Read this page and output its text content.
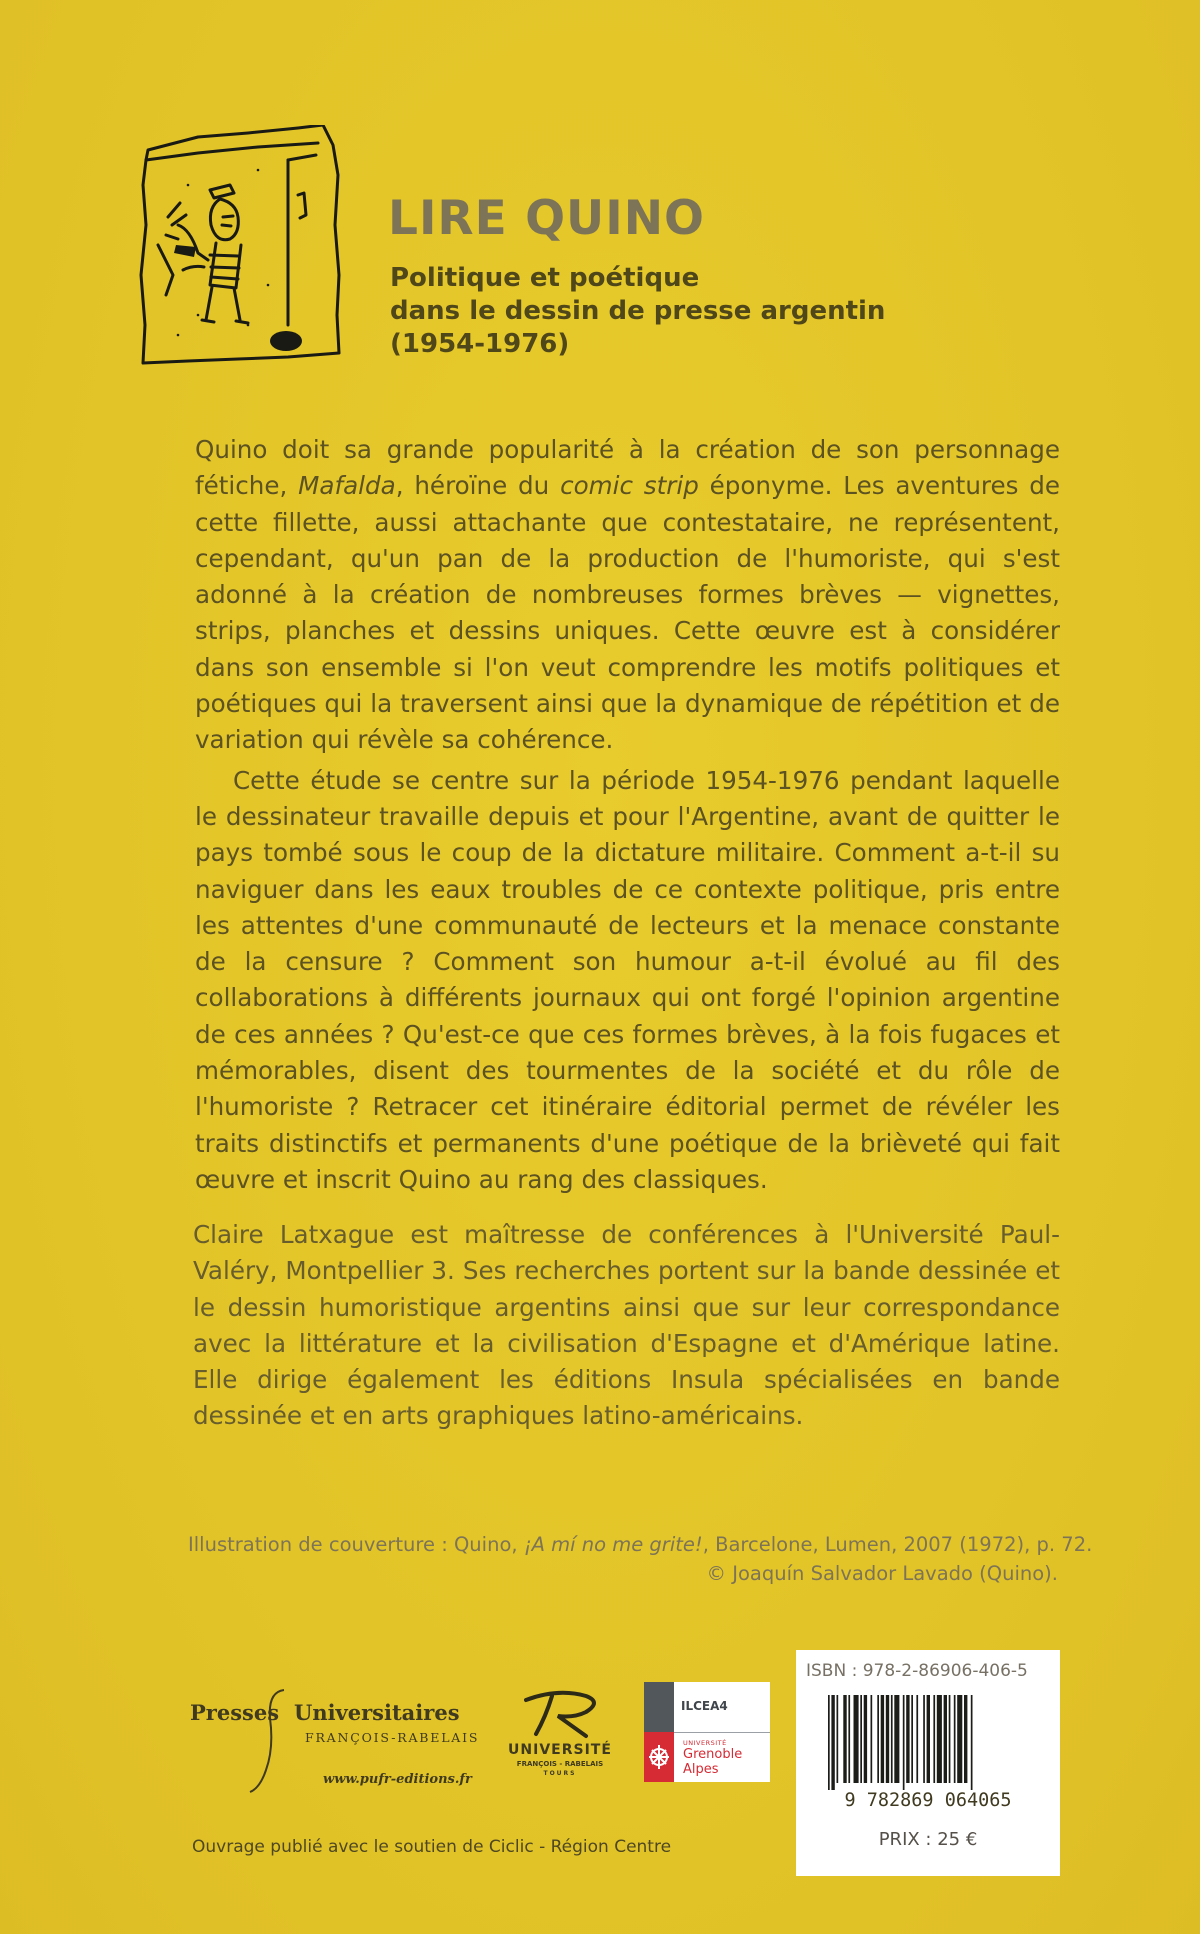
LIRE QUINO
Politique et poétique
dans le dessin de presse argentin
(1954-1976)

Quino doit sa grande popularité à la création de son personnage fétiche, Mafalda, héroïne du comic strip éponyme. Les aventures de cette fillette, aussi attachante que contestataire, ne représentent, cependant, qu'un pan de la production de l'humoriste, qui s'est adonné à la création de nombreuses formes brèves — vignettes, strips, planches et dessins uniques. Cette œuvre est à considérer dans son ensemble si l'on veut comprendre les motifs politiques et poétiques qui la traversent ainsi que la dynamique de répétition et de variation qui révèle sa cohérence.

Cette étude se centre sur la période 1954-1976 pendant laquelle le dessinateur travaille depuis et pour l'Argentine, avant de quitter le pays tombé sous le coup de la dictature militaire. Comment a-t-il su naviguer dans les eaux troubles de ce contexte politique, pris entre les attentes d'une communauté de lecteurs et la menace constante de la censure ? Comment son humour a-t-il évolué au fil des collaborations à différents journaux qui ont forgé l'opinion argentine de ces années ? Qu'est-ce que ces formes brèves, à la fois fugaces et mémorables, disent des tourmentes de la société et du rôle de l'humoriste ? Retracer cet itinéraire éditorial permet de révéler les traits distinctifs et permanents d'une poétique de la brièveté qui fait œuvre et inscrit Quino au rang des classiques.

Claire Latxague est maîtresse de conférences à l'Université Paul-Valéry, Montpellier 3. Ses recherches portent sur la bande dessinée et le dessin humoristique argentins ainsi que sur leur correspondance avec la littérature et la civilisation d'Espagne et d'Amérique latine. Elle dirige également les éditions Insula spécialisées en bande dessinée et en arts graphiques latino-américains.

Illustration de couverture : Quino, ¡A mí no me grite!, Barcelone, Lumen, 2007 (1972), p. 72.
© Joaquín Salvador Lavado (Quino).
Presses Universitaires
FRANÇOIS-RABELAIS
www.pufr-editions.fr
UNIVERSITÉ
FRANÇOIS - RABELAIS
TOURS
ILCEA4
UNIVERSITÉ
Grenoble
Alpes
ISBN : 978-2-86906-406-5
9 782869 064065
PRIX : 25 €
Ouvrage publié avec le soutien de Ciclic - Région Centre
